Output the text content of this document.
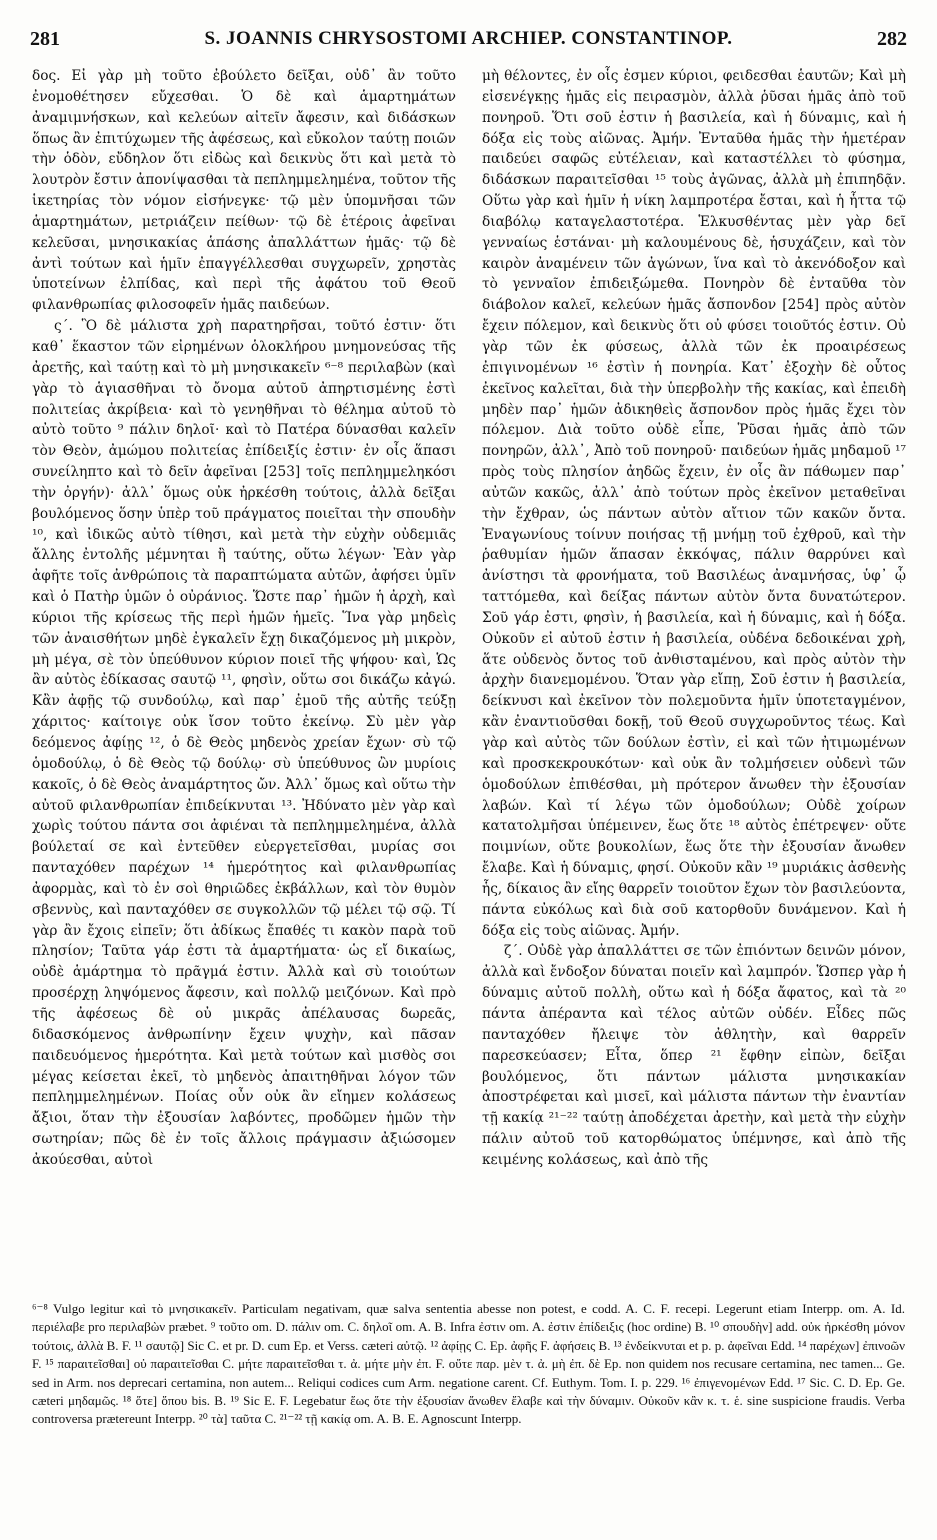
281	S. JOANNIS CHRYSOSTOMI ARCHIEP. CONSTANTINOP.	282

δος. Εἰ γὰρ μὴ τοῦτο ἐβούλετο δεῖξαι, οὐδ᾽ ἂν τοῦτο ἐνομοθέτησεν εὔχεσθαι. Ὁ δὲ καὶ ἁμαρτημάτων ἀναμιμνήσκων, καὶ κελεύων αἰτεῖν ἄφεσιν, καὶ διδάσκων ὅπως ἂν ἐπιτύχωμεν τῆς ἀφέσεως, καὶ εὔκολον ταύτῃ ποιῶν τὴν ὁδὸν, εὔδηλον ὅτι εἰδὼς καὶ δεικνὺς ὅτι καὶ μετὰ τὸ λουτρὸν ἔστιν ἀπονίψασθαι τὰ πεπλημμελημένα, τοῦτον τῆς ἱκετηρίας τὸν νόμον εἰσήνεγκε· τῷ μὲν ὑπομνῆσαι τῶν ἁμαρτημάτων, μετριάζειν πείθων· τῷ δὲ ἑτέροις ἀφεῖναι κελεῦσαι, μνησικακίας ἁπάσης ἀπαλλάττων ἡμᾶς· τῷ δὲ ἀντὶ τούτων καὶ ἡμῖν ἐπαγγέλλεσθαι συγχωρεῖν, χρηστὰς ὑποτείνων ἐλπίδας, καὶ περὶ τῆς ἀφάτου τοῦ Θεοῦ φιλανθρωπίας φιλοσοφεῖν ἡμᾶς παιδεύων.

ς´. Ὃ δὲ μάλιστα χρὴ παρατηρῆσαι, τοῦτό ἐστιν· ὅτι καθ᾽ ἕκαστον τῶν εἰρημένων ὁλοκλήρου μνημονεύσας τῆς ἀρετῆς, καὶ ταύτῃ καὶ τὸ μὴ μνησικακεῖν ⁶⁻⁸ περιλαβὼν (καὶ γὰρ τὸ ἁγιασθῆναι τὸ ὄνομα αὐτοῦ ἀπηρτισμένης ἐστὶ πολιτείας ἀκρίβεια· καὶ τὸ γενηθῆναι τὸ θέλημα αὐτοῦ τὸ αὐτὸ τοῦτο ⁹ πάλιν δηλοῖ· καὶ τὸ Πατέρα δύνασθαι καλεῖν τὸν Θεὸν, ἀμώμου πολιτείας ἐπίδειξίς ἐστιν· ἐν οἷς ἅπασι συνείληπτο καὶ τὸ δεῖν ἀφεῖναι [253] τοῖς πεπλημμεληκόσι τὴν ὀργήν)· ἀλλ᾽ ὅμως οὐκ ἠρκέσθη τούτοις, ἀλλὰ δεῖξαι βουλόμενος ὅσην ὑπὲρ τοῦ πράγματος ποιεῖται τὴν σπουδὴν ¹⁰, καὶ ἰδικῶς αὐτὸ τίθησι, καὶ μετὰ τὴν εὐχὴν οὐδεμιᾶς ἄλλης ἐντολῆς μέμνηται ἢ ταύτης, οὕτω λέγων· Ἐὰν γὰρ ἀφῆτε τοῖς ἀνθρώποις τὰ παραπτώματα αὐτῶν, ἀφήσει ὑμῖν καὶ ὁ Πατὴρ ὑμῶν ὁ οὐράνιος. Ὥστε παρ᾽ ἡμῶν ἡ ἀρχὴ, καὶ κύριοι τῆς κρίσεως τῆς περὶ ἡμῶν ἡμεῖς. Ἵνα γὰρ μηδεὶς τῶν ἀναισθήτων μηδὲ ἐγκαλεῖν ἔχῃ δικαζόμενος μὴ μικρὸν, μὴ μέγα, σὲ τὸν ὑπεύθυνον κύριον ποιεῖ τῆς ψήφου· καὶ, Ὡς ἂν αὐτὸς ἐδίκασας σαυτῷ ¹¹, φησὶν, οὕτω σοι δικάζω κἀγώ. Κἂν ἀφῇς τῷ συνδούλῳ, καὶ παρ᾽ ἐμοῦ τῆς αὐτῆς τεύξῃ χάριτος· καίτοιγε οὐκ ἴσον τοῦτο ἐκείνῳ. Σὺ μὲν γὰρ δεόμενος ἀφίῃς ¹², ὁ δὲ Θεὸς μηδενὸς χρείαν ἔχων· σὺ τῷ ὁμοδούλῳ, ὁ δὲ Θεὸς τῷ δούλῳ· σὺ ὑπεύθυνος ὢν μυρίοις κακοῖς, ὁ δὲ Θεὸς ἀναμάρτητος ὤν. Ἀλλ᾽ ὅμως καὶ οὕτω τὴν αὐτοῦ φιλανθρωπίαν ἐπιδείκνυται ¹³. Ἠδύνατο μὲν γὰρ καὶ χωρὶς τούτου πάντα σοι ἀφιέναι τὰ πεπλημμελημένα, ἀλλὰ βούλεταί σε καὶ ἐντεῦθεν εὐεργετεῖσθαι, μυρίας σοι πανταχόθεν παρέχων ¹⁴ ἡμερότητος καὶ φιλανθρωπίας ἀφορμὰς, καὶ τὸ ἐν σοὶ θηριῶδες ἐκβάλλων, καὶ τὸν θυμὸν σβεννὺς, καὶ πανταχόθεν σε συγκολλῶν τῷ μέλει τῷ σῷ. Τί γὰρ ἂν ἔχοις εἰπεῖν; ὅτι ἀδίκως ἔπαθές τι κακὸν παρὰ τοῦ πλησίον; Ταῦτα γάρ ἐστι τὰ ἁμαρτήματα· ὡς εἴ δικαίως, οὐδὲ ἁμάρτημα τὸ πρᾶγμά ἐστιν. Ἀλλὰ καὶ σὺ τοιούτων προσέρχῃ ληψόμενος ἄφεσιν, καὶ πολλῷ μειζόνων. Καὶ πρὸ τῆς ἀφέσεως δὲ οὐ μικρᾶς ἀπέλαυσας δωρεᾶς, διδασκόμενος ἀνθρωπίνην ἔχειν ψυχὴν, καὶ πᾶσαν παιδευόμενος ἡμερότητα. Καὶ μετὰ τούτων καὶ μισθὸς σοι μέγας κείσεται ἐκεῖ, τὸ μηδενὸς ἀπαιτηθῆναι λόγον τῶν πεπλημμελημένων. Ποίας οὖν οὐκ ἂν εἴημεν κολάσεως ἄξιοι, ὅταν τὴν ἐξουσίαν λαβόντες, προδῶμεν ἡμῶν τὴν σωτηρίαν; πῶς δὲ ἐν τοῖς ἄλλοις πράγμασιν ἀξιώσομεν ἀκούεσθαι, αὐτοὶ

μὴ θέλοντες, ἐν οἷς ἐσμεν κύριοι, φειδεσθαι ἑαυτῶν; Καὶ μὴ εἰσενέγκῃς ἡμᾶς εἰς πειρασμὸν, ἀλλὰ ῥῦσαι ἡμᾶς ἀπὸ τοῦ πονηροῦ. Ὅτι σοῦ ἐστιν ἡ βασιλεία, καὶ ἡ δύναμις, καὶ ἡ δόξα εἰς τοὺς αἰῶνας. Ἀμήν. Ἐνταῦθα ἡμᾶς τὴν ἡμετέραν παιδεύει σαφῶς εὐτέλειαν, καὶ καταστέλλει τὸ φύσημα, διδάσκων παραιτεῖσθαι ¹⁵ τοὺς ἀγῶνας, ἀλλὰ μὴ ἐπιπηδᾷν. Οὕτω γὰρ καὶ ἡμῖν ἡ νίκη λαμπροτέρα ἔσται, καὶ ἡ ἧττα τῷ διαβόλῳ καταγελαστοτέρα. Ἑλκυσθέντας μὲν γὰρ δεῖ γενναίως ἑστάναι· μὴ καλουμένους δὲ, ἡσυχάζειν, καὶ τὸν καιρὸν ἀναμένειν τῶν ἀγώνων, ἵνα καὶ τὸ ἀκενόδοξον καὶ τὸ γενναῖον ἐπιδειξώμεθα. Πονηρὸν δὲ ἐνταῦθα τὸν διάβολον καλεῖ, κελεύων ἡμᾶς ἄσπονδον [254] πρὸς αὐτὸν ἔχειν πόλεμον, καὶ δεικνὺς ὅτι οὐ φύσει τοιοῦτός ἐστιν. Οὐ γὰρ τῶν ἐκ φύσεως, ἀλλὰ τῶν ἐκ προαιρέσεως ἐπιγινομένων ¹⁶ ἐστὶν ἡ πονηρία. Κατ᾽ ἐξοχὴν δὲ οὗτος ἐκεῖνος καλεῖται, διὰ τὴν ὑπερβολὴν τῆς κακίας, καὶ ἐπειδὴ μηδὲν παρ᾽ ἡμῶν ἀδικηθεὶς ἄσπονδον πρὸς ἡμᾶς ἔχει τὸν πόλεμον. Διὰ τοῦτο οὐδὲ εἶπε, Ῥῦσαι ἡμᾶς ἀπὸ τῶν πονηρῶν, ἀλλ᾽, Ἀπὸ τοῦ πονηροῦ· παιδεύων ἡμᾶς μηδαμοῦ ¹⁷ πρὸς τοὺς πλησίον ἀηδῶς ἔχειν, ἐν οἷς ἂν πάθωμεν παρ᾽ αὐτῶν κακῶς, ἀλλ᾽ ἀπὸ τούτων πρὸς ἐκεῖνον μεταθεῖναι τὴν ἔχθραν, ὡς πάντων αὐτὸν αἴτιον τῶν κακῶν ὄντα. Ἐναγωνίους τοίνυν ποιήσας τῇ μνήμῃ τοῦ ἐχθροῦ, καὶ τὴν ῥαθυμίαν ἡμῶν ἅπασαν ἐκκόψας, πάλιν θαρρύνει καὶ ἀνίστησι τὰ φρονήματα, τοῦ Βασιλέως ἀναμνήσας, ὑφ᾽ ᾧ ταττόμεθα, καὶ δείξας πάντων αὐτὸν ὄντα δυνατώτερον. Σοῦ γάρ ἐστι, φησὶν, ἡ βασιλεία, καὶ ἡ δύναμις, καὶ ἡ δόξα. Οὐκοῦν εἰ αὐτοῦ ἐστιν ἡ βασιλεία, οὐδένα δεδοικέναι χρὴ, ἅτε οὐδενὸς ὄντος τοῦ ἀνθισταμένου, καὶ πρὸς αὐτὸν τὴν ἀρχὴν διανεμομένου. Ὅταν γὰρ εἴπῃ, Σοῦ ἐστιν ἡ βασιλεία, δείκνυσι καὶ ἐκεῖνον τὸν πολεμοῦντα ἡμῖν ὑποτεταγμένον, κἂν ἐναντιοῦσθαι δοκῇ, τοῦ Θεοῦ συγχωροῦντος τέως. Καὶ γὰρ καὶ αὐτὸς τῶν δούλων ἐστὶν, εἰ καὶ τῶν ἠτιμωμένων καὶ προσκεκρουκότων· καὶ οὐκ ἂν τολμήσειεν οὐδενὶ τῶν ὁμοδούλων ἐπιθέσθαι, μὴ πρότερον ἄνωθεν τὴν ἐξουσίαν λαβών. Καὶ τί λέγω τῶν ὁμοδούλων; Οὐδὲ χοίρων κατατολμῆσαι ὑπέμεινεν, ἕως ὅτε ¹⁸ αὐτὸς ἐπέτρεψεν· οὔτε ποιμνίων, οὔτε βουκολίων, ἕως ὅτε τὴν ἐξουσίαν ἄνωθεν ἔλαβε. Καὶ ἡ δύναμις, φησί. Οὐκοῦν κἂν ¹⁹ μυριάκις ἀσθενὴς ἧς, δίκαιος ἂν εἴης θαρρεῖν τοιοῦτον ἔχων τὸν βασιλεύοντα, πάντα εὐκόλως καὶ διὰ σοῦ κατορθοῦν δυνάμενον. Καὶ ἡ δόξα εἰς τοὺς αἰῶνας. Ἀμήν.

ζ´. Οὐδὲ γὰρ ἀπαλλάττει σε τῶν ἐπιόντων δεινῶν μόνον, ἀλλὰ καὶ ἔνδοξον δύναται ποιεῖν καὶ λαμπρόν. Ὥσπερ γὰρ ἡ δύναμις αὐτοῦ πολλὴ, οὕτω καὶ ἡ δόξα ἄφατος, καὶ τὰ ²⁰ πάντα ἀπέραντα καὶ τέλος αὐτῶν οὐδέν. Εἶδες πῶς πανταχόθεν ἤλειψε τὸν ἀθλητὴν, καὶ θαρρεῖν παρεσκεύασεν; Εἶτα, ὅπερ ²¹ ἔφθην εἰπὼν, δεῖξαι βουλόμενος, ὅτι πάντων μάλιστα μνησικακίαν ἀποστρέφεται καὶ μισεῖ, καὶ μάλιστα πάντων τὴν ἐναντίαν τῇ κακίᾳ ²¹⁻²² ταύτῃ ἀποδέχεται ἀρετὴν, καὶ μετὰ τὴν εὐχὴν πάλιν αὐτοῦ τοῦ κατορθώματος ὑπέμνησε, καὶ ἀπὸ τῆς κειμένης κολάσεως, καὶ ἀπὸ τῆς

⁶⁻⁸ Vulgo legitur καὶ τὸ μνησικακεῖν. Particulam negativam, quæ salva sententia abesse non potest, e codd. A. C. F. recepi. Legerunt etiam Interpp. om. A. Id. περιέλαβε pro περιλαβὼν præbet. ⁹ τοῦτο om. D. πάλιν om. C. δηλοῖ om. A. B. Infra ἐστιν om. A. ἐστιν ἐπίδειξις (hoc ordine) B. ¹⁰ σπουδὴν] add. οὐκ ἠρκέσθη μόνον τούτοις, ἀλλὰ B. F. ¹¹ σαυτῷ] Sic C. et pr. D. cum Ep. et Verss. cæteri αὐτῷ. ¹² ἀφίῃς C. Ep. ἀφῆς F. ἀφήσεις B. ¹³ ἐνδείκνυται et p. p. ἀφεῖναι Edd. ¹⁴ παρέχων] ἐπινοῶν F. ¹⁵ παραιτεῖσθαι] οὐ παραιτεῖσθαι C. μήτε παραιτεῖσθαι τ. ἀ. μήτε μὴν ἐπ. F. οὔτε παρ. μὲν τ. ἀ. μὴ ἐπ. δὲ Ep. non quidem nos recusare certamina, nec tamen... Ge. sed in Arm. nos deprecari certamina, non autem... Reliqui codices cum Arm. negatione carent. Cf. Euthym. Tom. I. p. 229. ¹⁶ ἐπιγενομένων Edd. ¹⁷ Sic. C. D. Ep. Ge. cæteri μηδαμῶς. ¹⁸ ὅτε] ὅπου bis. B. ¹⁹ Sic E. F. Legebatur ἕως ὅτε τὴν ἐξουσίαν ἄνωθεν ἔλαβε καὶ τὴν δύναμιν. Οὐκοῦν κἂν κ. τ. ἑ. sine suspicione fraudis. Verba controversa prætereunt Interpp. ²⁰ τὰ] ταῦτα C. ²¹⁻²² τῇ κακίᾳ om. A. B. E. Agnoscunt Interpp.
